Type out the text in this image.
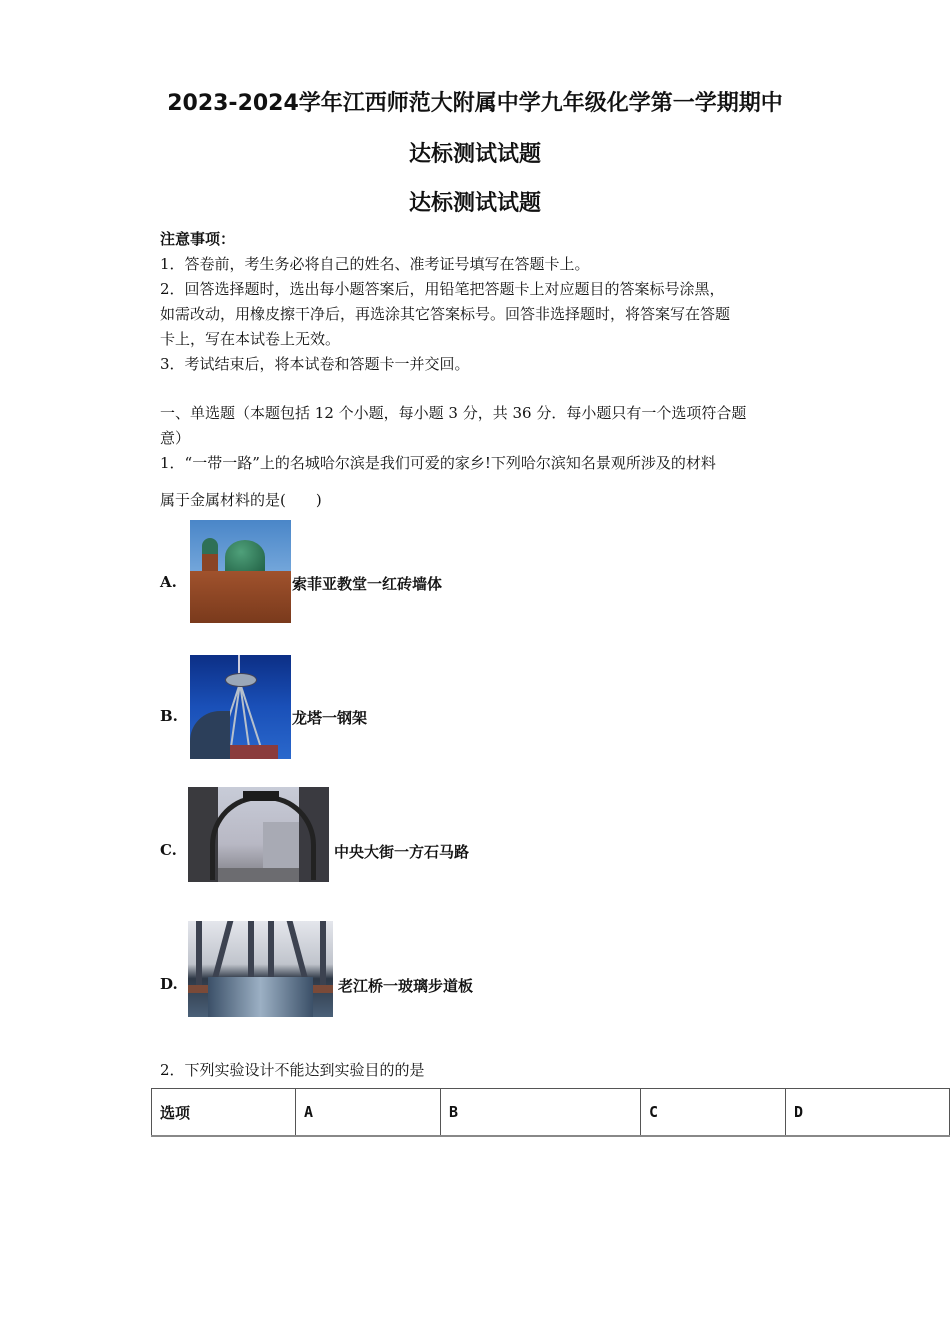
2023-2024学年江西师范大附属中学九年级化学第一学期期中
达标测试试题
达标测试试题
注意事项：
1．答卷前，考生务必将自己的姓名、准考证号填写在答题卡上。
2．回答选择题时，选出每小题答案后，用铅笔把答题卡上对应题目的答案标号涂黑，
如需改动，用橡皮擦干净后，再选涂其它答案标号。回答非选择题时，将答案写在答题
卡上，写在本试卷上无效。
3．考试结束后，将本试卷和答题卡一并交回。
一、单选题（本题包括 12 个小题，每小题 3 分，共 36 分．每小题只有一个选项符合题
意）
1．“一带一路”上的名城哈尔滨是我们可爱的家乡!下列哈尔滨知名景观所涉及的材料
属于金属材料的是(　　)
A.	索菲亚教堂一红砖墙体
B.	龙塔一钢架
C.	中央大街一方石马路
D.	老江桥一玻璃步道板
2．下列实验设计不能达到实验目的的是
选项	A	B	C	D
